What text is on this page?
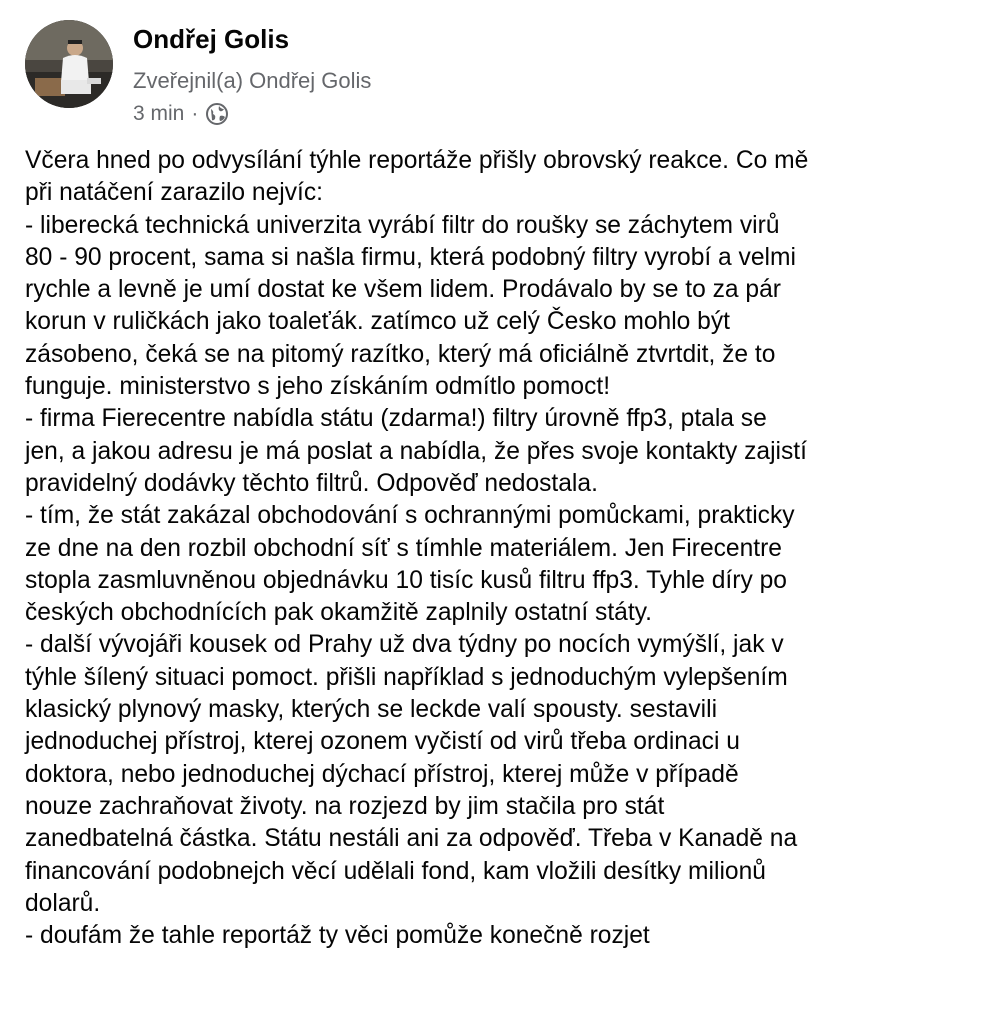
Ondřej Golis
Zveřejnil(a) Ondřej Golis
3 min ·
Včera hned po odvysílání týhle reportáže přišly obrovský reakce. Co mě
při natáčení zarazilo nejvíc:
- liberecká technická univerzita vyrábí filtr do roušky se záchytem virů
80 - 90 procent, sama si našla firmu, která podobný filtry vyrobí a velmi
rychle a levně je umí dostat ke všem lidem. Prodávalo by se to za pár
korun v ruličkách jako toaleťák. zatímco už celý Česko mohlo být
zásobeno, čeká se na pitomý razítko, který má oficiálně ztvrtdit, že to
funguje. ministerstvo s jeho získáním odmítlo pomoct!
- firma Fierecentre nabídla státu (zdarma!) filtry úrovně ffp3, ptala se
jen, a jakou adresu je má poslat a nabídla, že přes svoje kontakty zajistí
pravidelný dodávky těchto filtrů. Odpověď nedostala.
- tím, že stát zakázal obchodování s ochrannými pomůckami, prakticky
ze dne na den rozbil obchodní síť s tímhle materiálem. Jen Firecentre
stopla zasmluvněnou objednávku 10 tisíc kusů filtru ffp3. Tyhle díry po
českých obchodnících pak okamžitě zaplnily ostatní státy.
- další vývojáři kousek od Prahy už dva týdny po nocích vymýšlí, jak v
týhle šílený situaci pomoct. přišli například s jednoduchým vylepšením
klasický plynový masky, kterých se leckde valí spousty. sestavili
jednoduchej přístroj, kterej ozonem vyčistí od virů třeba ordinaci u
doktora, nebo jednoduchej dýchací přístroj, kterej může v případě
nouze zachraňovat životy. na rozjezd by jim stačila pro stát
zanedbatelná částka. Státu nestáli ani za odpověď. Třeba v Kanadě na
financování podobnejch věcí udělali fond, kam vložili desítky milionů
dolarů.
- doufám že tahle reportáž ty věci pomůže konečně rozjet
